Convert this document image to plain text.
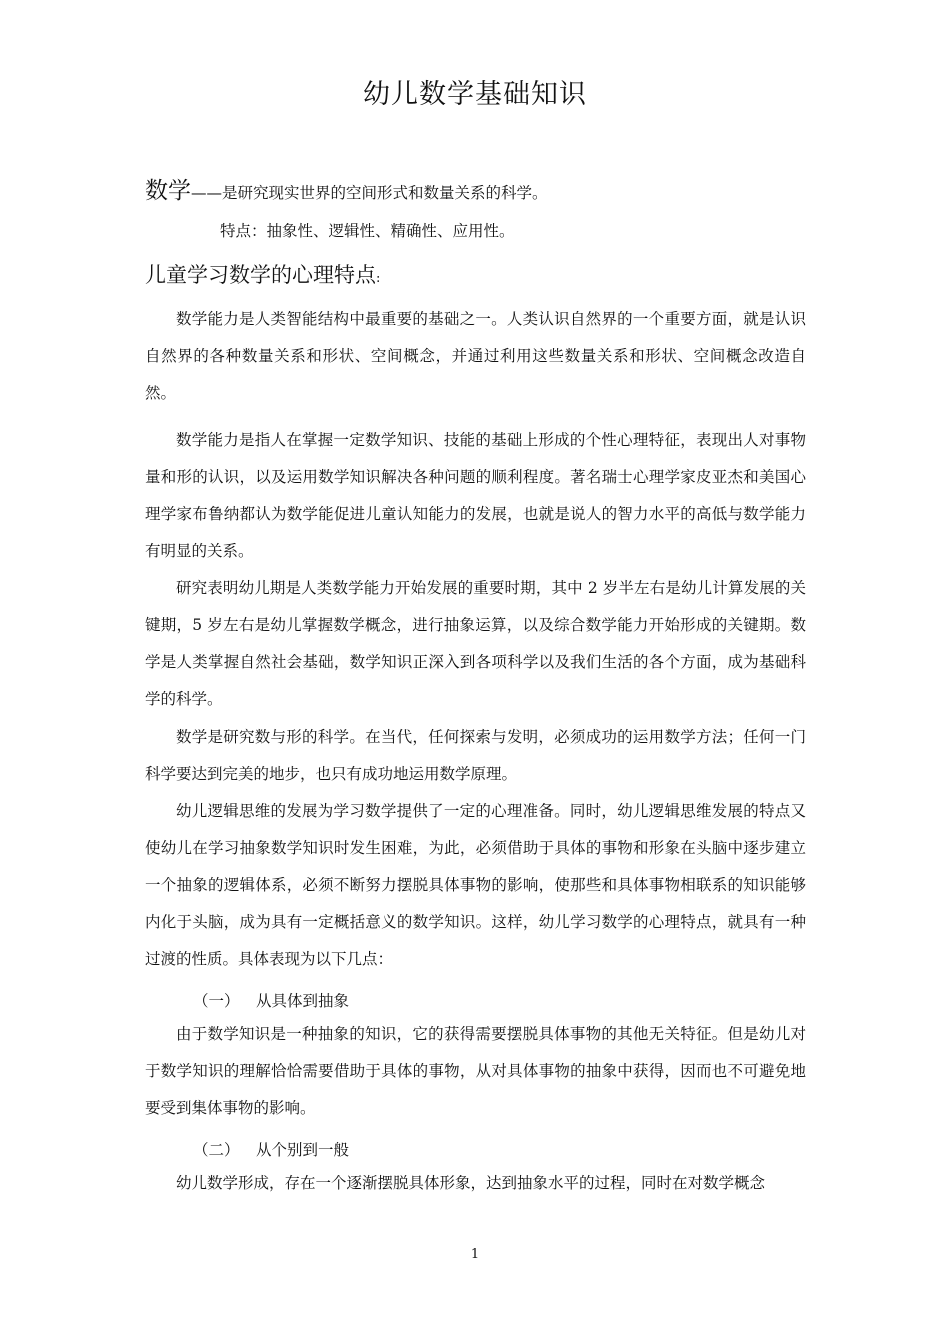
幼儿数学基础知识

数学——是研究现实世界的空间形式和数量关系的科学。

特点：抽象性、逻辑性、精确性、应用性。

儿童学习数学的心理特点:

数学能力是人类智能结构中最重要的基础之一。人类认识自然界的一个重要方面，就是认识自然界的各种数量关系和形状、空间概念，并通过利用这些数量关系和形状、空间概念改造自然。

数学能力是指人在掌握一定数学知识、技能的基础上形成的个性心理特征，表现出人对事物量和形的认识，以及运用数学知识解决各种问题的顺利程度。著名瑞士心理学家皮亚杰和美国心理学家布鲁纳都认为数学能促进儿童认知能力的发展，也就是说人的智力水平的高低与数学能力有明显的关系。

研究表明幼儿期是人类数学能力开始发展的重要时期，其中 2 岁半左右是幼儿计算发展的关键期，5 岁左右是幼儿掌握数学概念，进行抽象运算，以及综合数学能力开始形成的关键期。数学是人类掌握自然社会基础，数学知识正深入到各项科学以及我们生活的各个方面，成为基础科学的科学。

数学是研究数与形的科学。在当代，任何探索与发明，必须成功的运用数学方法；任何一门科学要达到完美的地步，也只有成功地运用数学原理。

幼儿逻辑思维的发展为学习数学提供了一定的心理准备。同时，幼儿逻辑思维发展的特点又使幼儿在学习抽象数学知识时发生困难，为此，必须借助于具体的事物和形象在头脑中逐步建立一个抽象的逻辑体系，必须不断努力摆脱具体事物的影响，使那些和具体事物相联系的知识能够内化于头脑，成为具有一定概括意义的数学知识。这样，幼儿学习数学的心理特点，就具有一种过渡的性质。具体表现为以下几点：

（一） 从具体到抽象

由于数学知识是一种抽象的知识，它的获得需要摆脱具体事物的其他无关特征。但是幼儿对于数学知识的理解恰恰需要借助于具体的事物，从对具体事物的抽象中获得，因而也不可避免地要受到集体事物的影响。

（二） 从个别到一般

幼儿数学形成，存在一个逐渐摆脱具体形象，达到抽象水平的过程，同时在对数学概念

1
